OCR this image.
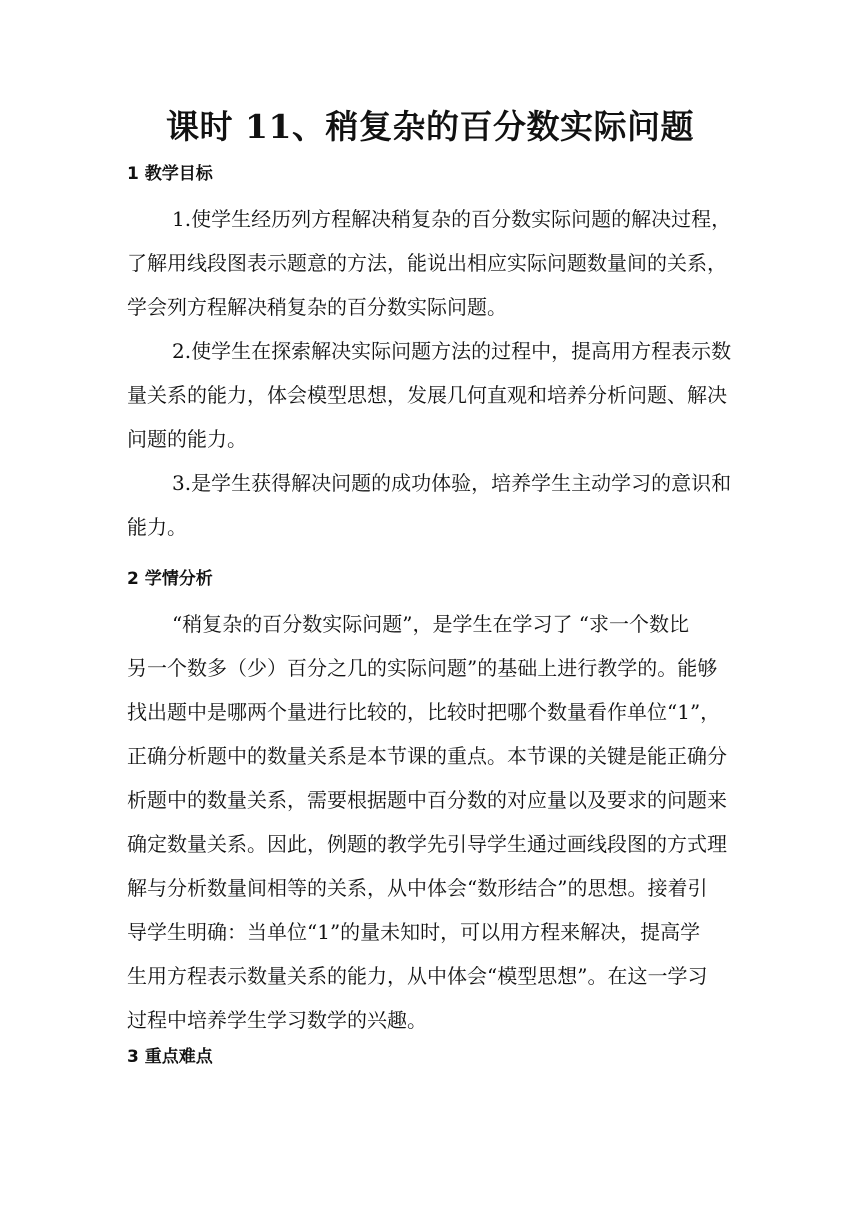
课时 11、稍复杂的百分数实际问题
1 教学目标
1.使学生经历列方程解决稍复杂的百分数实际问题的解决过程，
了解用线段图表示题意的方法，能说出相应实际问题数量间的关系，
学会列方程解决稍复杂的百分数实际问题。
2.使学生在探索解决实际问题方法的过程中，提高用方程表示数
量关系的能力，体会模型思想，发展几何直观和培养分析问题、解决
问题的能力。
3.是学生获得解决问题的成功体验，培养学生主动学习的意识和
能力。
2 学情分析
“稍复杂的百分数实际问题”，是学生在学习了 “求一个数比
另一个数多（少）百分之几的实际问题”的基础上进行教学的。能够
找出题中是哪两个量进行比较的，比较时把哪个数量看作单位“1”，
正确分析题中的数量关系是本节课的重点。本节课的关键是能正确分
析题中的数量关系，需要根据题中百分数的对应量以及要求的问题来
确定数量关系。因此，例题的教学先引导学生通过画线段图的方式理
解与分析数量间相等的关系，从中体会“数形结合”的思想。接着引
导学生明确：当单位“1”的量未知时，可以用方程来解决，提高学
生用方程表示数量关系的能力，从中体会“模型思想”。在这一学习
过程中培养学生学习数学的兴趣。
3 重点难点
